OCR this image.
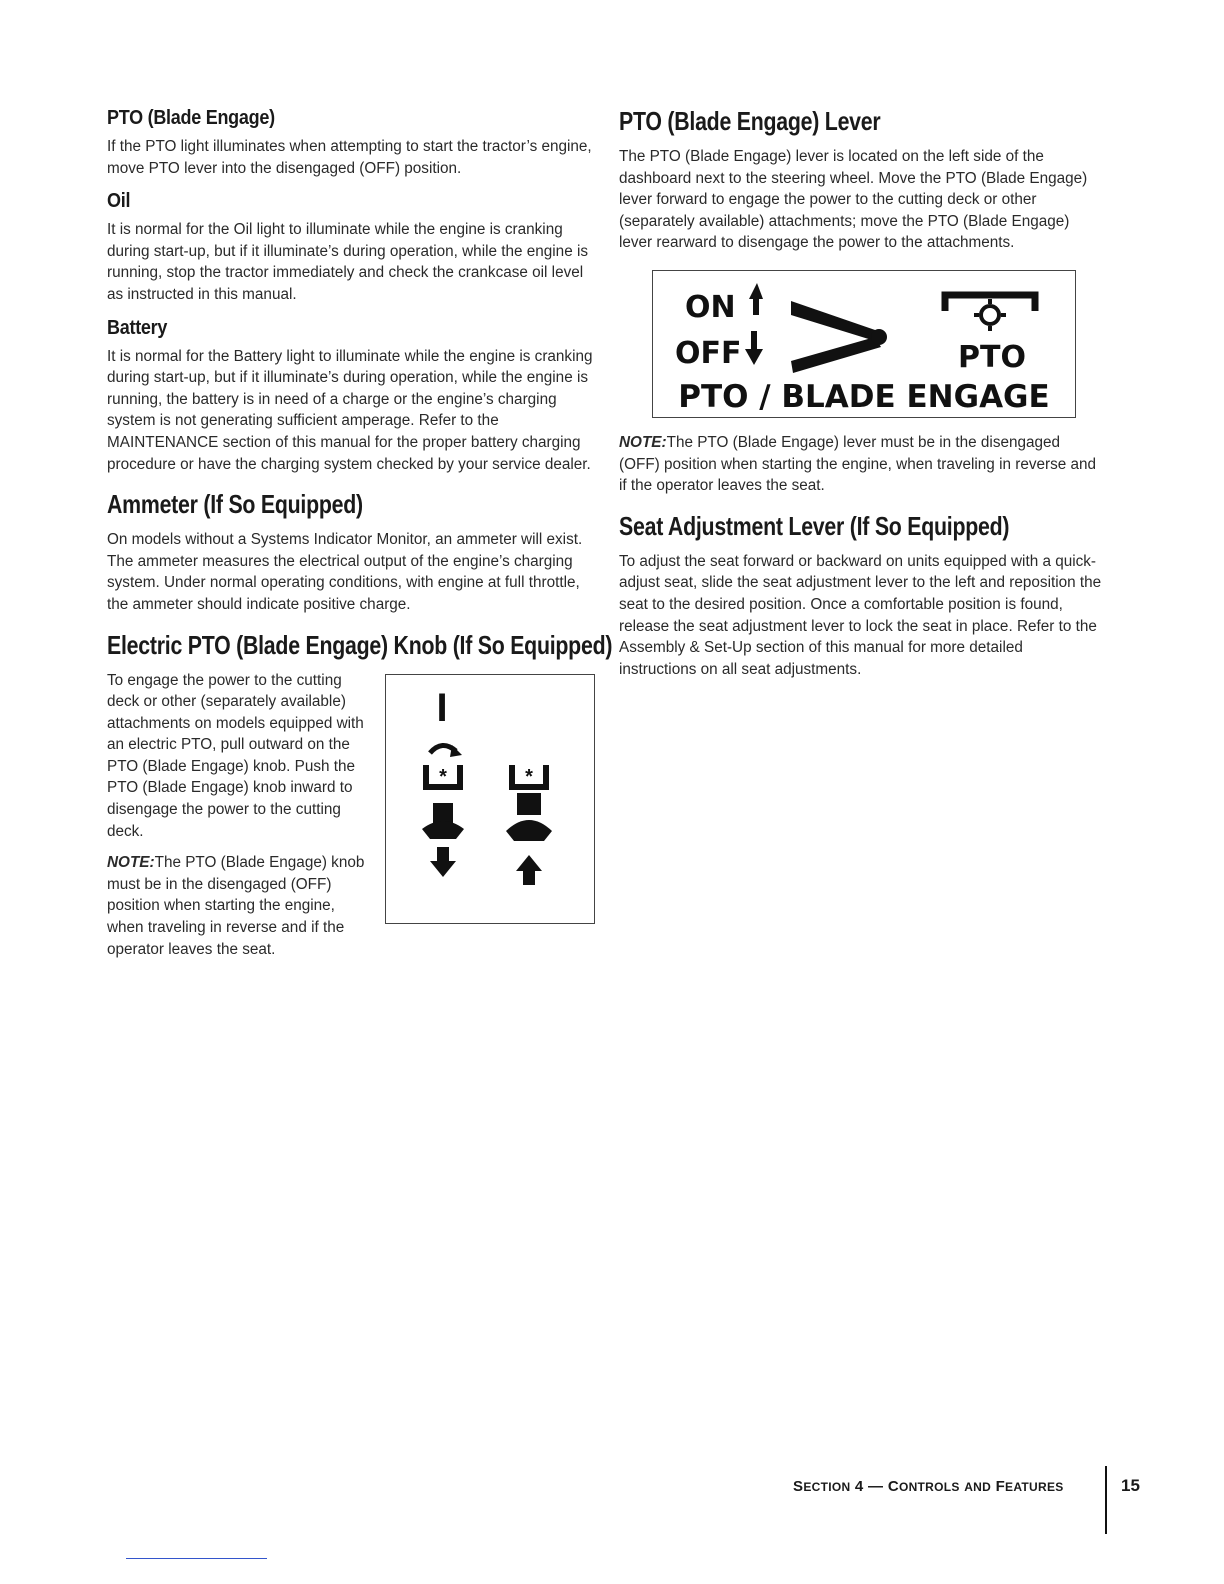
PTO (Blade Engage)

If the PTO light illuminates when attempting to start the tractor’s engine, move PTO lever into the disengaged (OFF) position.

Oil

It is normal for the Oil light to illuminate while the engine is cranking during start-up, but if it illuminate’s during operation, while the engine is running, stop the tractor immediately and check the crankcase oil level as instructed in this manual.

Battery

It is normal for the Battery light to illuminate while the engine is cranking during start-up, but if it illuminate’s during operation, while the engine is running, the battery is in need of a charge or the engine’s charging system is not generating sufficient amperage. Refer to the MAINTENANCE section of this manual for the proper battery charging procedure or have the charging system checked by your service dealer.

Ammeter (If So Equipped)

On models without a Systems Indicator Monitor, an ammeter will exist. The ammeter measures the electrical output of the engine’s charging system. Under normal operating conditions, with engine at full throttle, the ammeter should indicate positive charge.

Electric PTO (Blade Engage) Knob (If So Equipped)

To engage the power to the cutting deck or other (separately available) attachments on models equipped with an electric PTO, pull outward on the PTO (Blade Engage) knob. Push the PTO (Blade Engage) knob inward to disengage the power to the cutting deck.

NOTE:The PTO (Blade Engage) knob must be in the disengaged (OFF) position when starting the engine, when traveling in reverse and if the operator leaves the seat.

I
*	*
PTO (Blade Engage) Lever

The PTO (Blade Engage) lever is located on the left side of the dashboard next to the steering wheel. Move the PTO (Blade Engage) lever forward to engage the power to the cutting deck or other (separately available) attachments; move the PTO (Blade Engage) lever rearward to disengage the power to the attachments.

ON
OFF	PTO
PTO / BLADE ENGAGE

NOTE:The PTO (Blade Engage) lever must be in the disengaged (OFF) position when starting the engine, when traveling in reverse and if the operator leaves the seat.

Seat Adjustment Lever (If So Equipped)

To adjust the seat forward or backward on units equipped with a quick-adjust seat, slide the seat adjustment lever to the left and reposition the seat to the desired position. Once a comfortable position is found, release the seat adjustment lever to lock the seat in place. Refer to the Assembly & Set-Up section of this manual for more detailed instructions on all seat adjustments.

SECTION 4 — CONTROLS AND FEATURES	15
